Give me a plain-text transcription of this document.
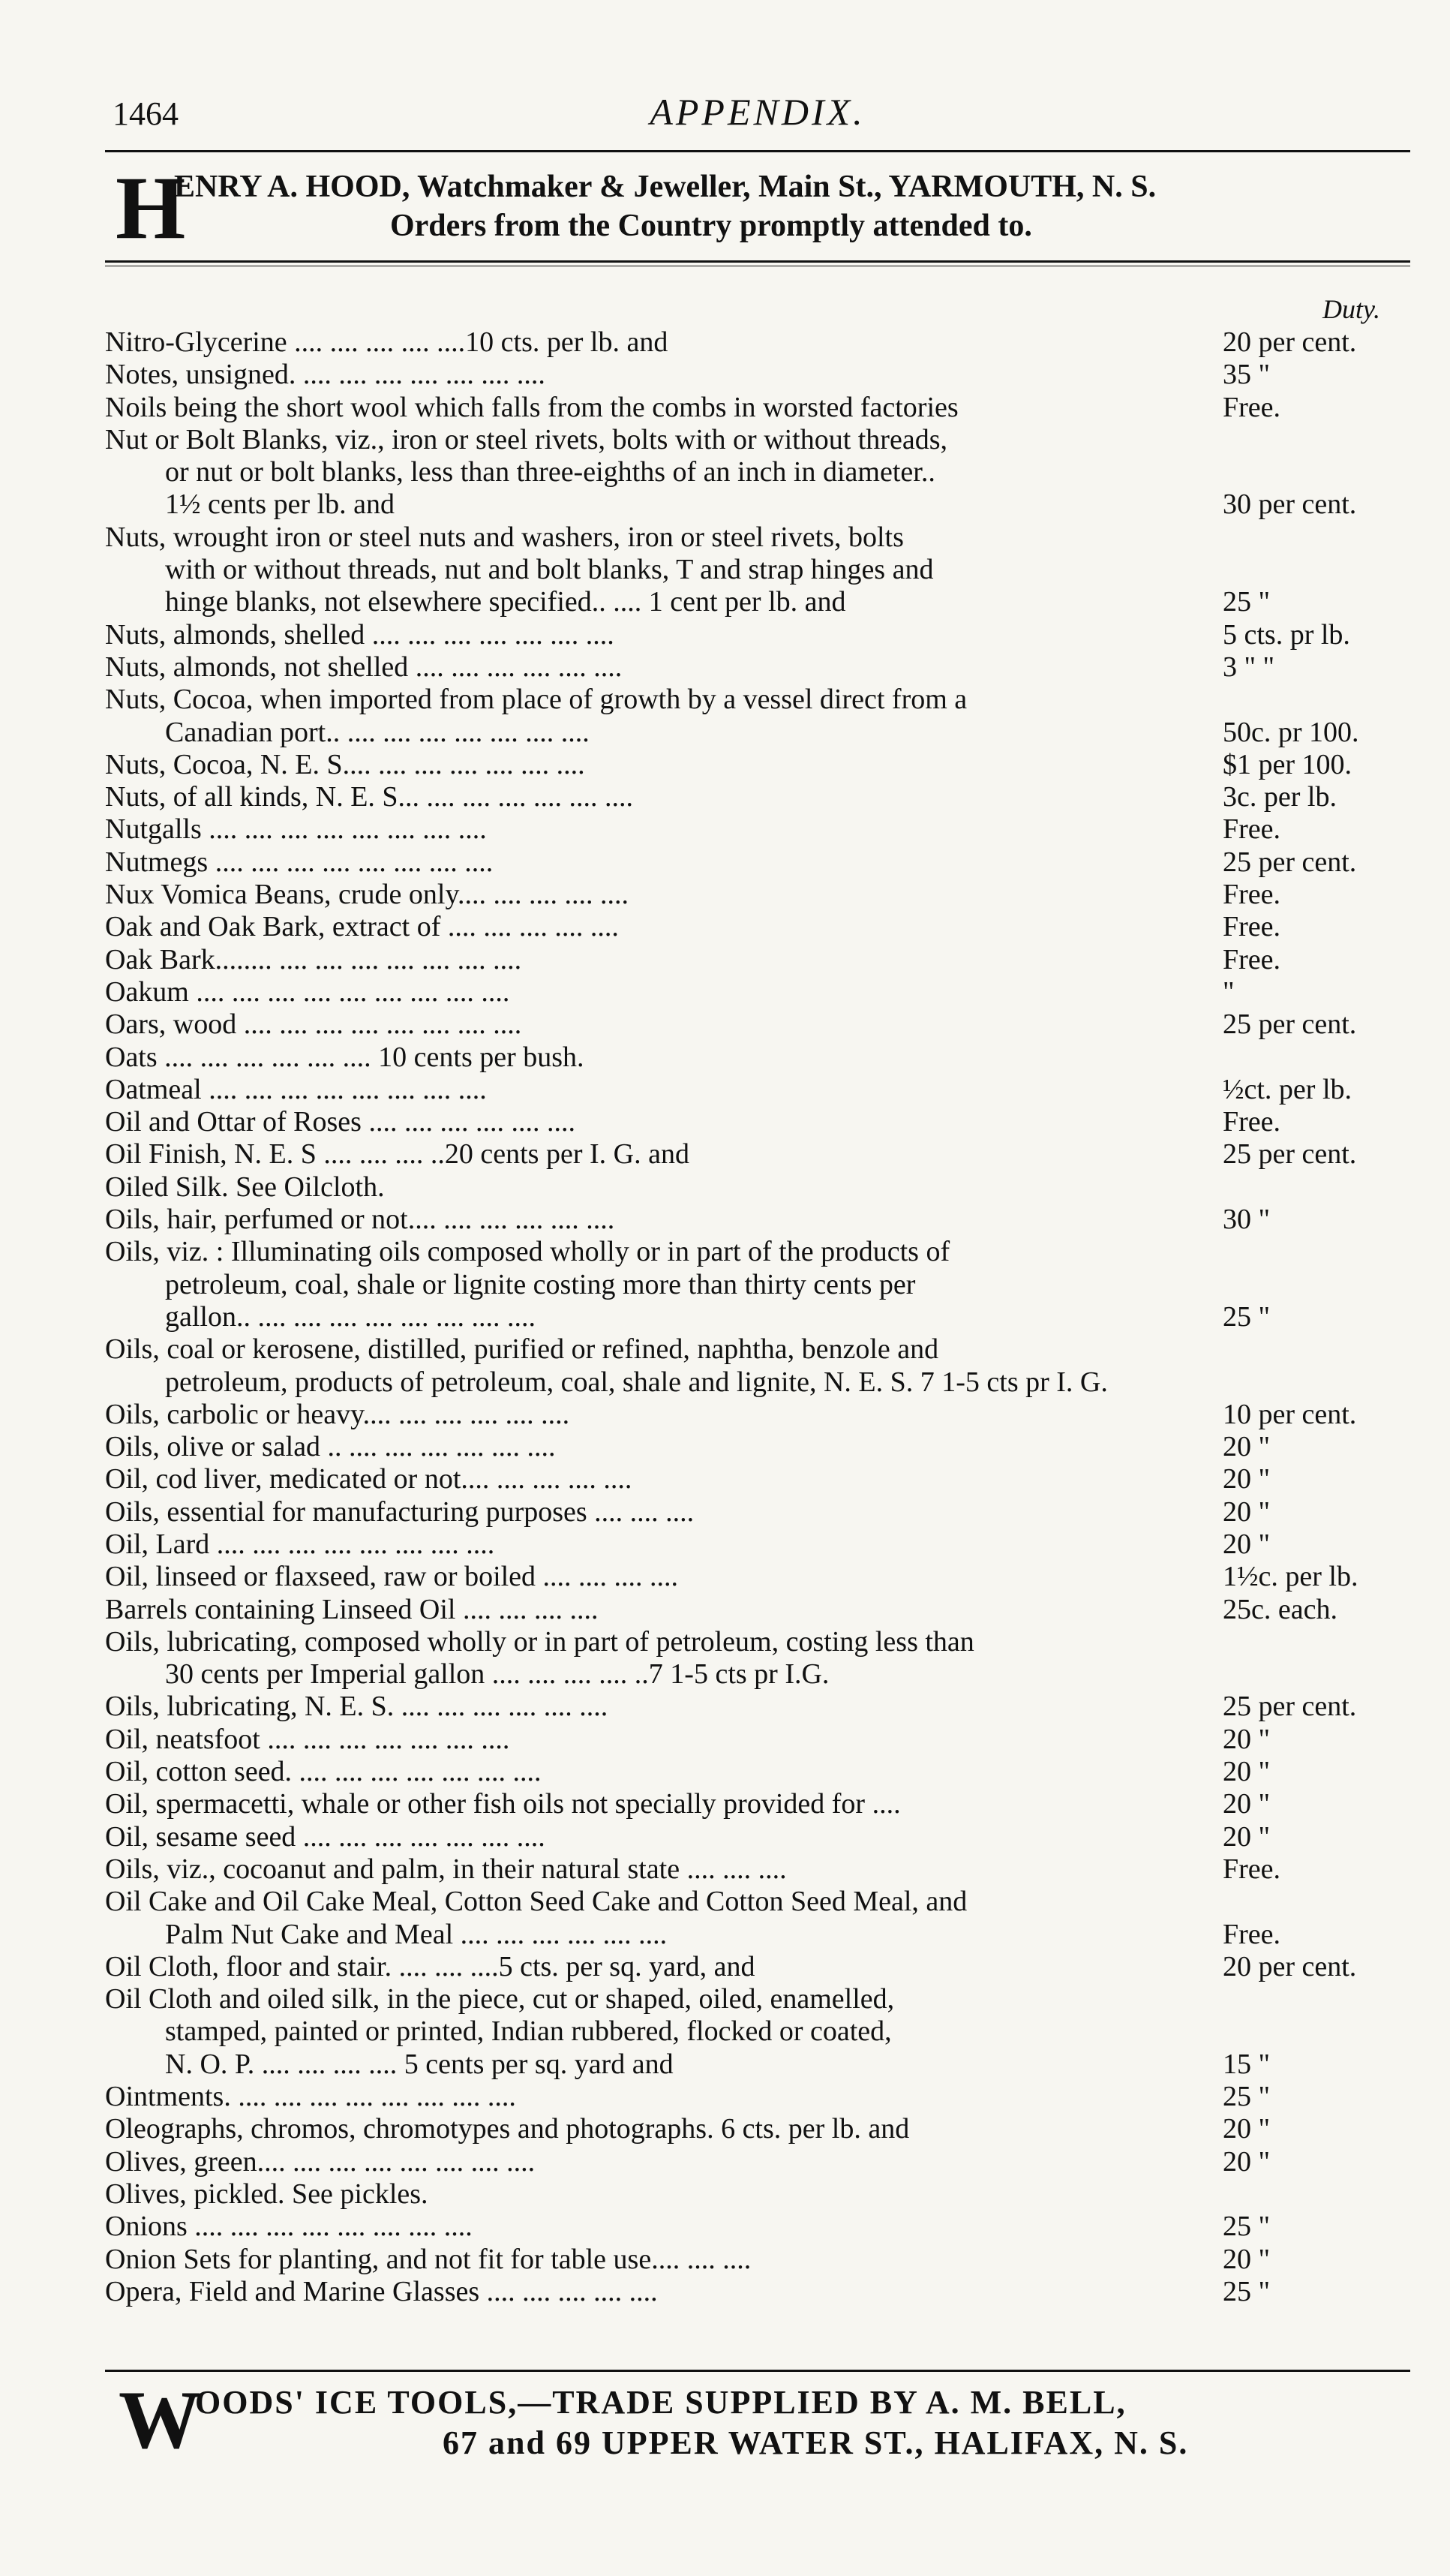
1464	APPENDIX.
H
ENRY A. HOOD, Watchmaker & Jeweller, Main St., YARMOUTH, N. S.
Orders from the Country promptly attended to.
Duty.
Nitro-Glycerine .... .... .... .... ....10 cts. per lb. and	20 per cent.
Notes, unsigned. .... .... .... .... .... .... ....	35 "
Noils being the short wool which falls from the combs in worsted factories	Free.
Nut or Bolt Blanks, viz., iron or steel rivets, bolts with or without threads,
or nut or bolt blanks, less than three-eighths of an inch in diameter..
1½ cents per lb. and	30 per cent.
Nuts, wrought iron or steel nuts and washers, iron or steel rivets, bolts
with or without threads, nut and bolt blanks, T and strap hinges and
hinge blanks, not elsewhere specified.. .... 1 cent per lb. and	25 "
Nuts, almonds, shelled .... .... .... .... .... .... ....	5 cts. pr lb.
Nuts, almonds, not shelled .... .... .... .... .... ....	3 " "
Nuts, Cocoa, when imported from place of growth by a vessel direct from a
Canadian port.. .... .... .... .... .... .... ....	50c. pr 100.
Nuts, Cocoa, N. E. S.... .... .... .... .... .... ....	$1 per 100.
Nuts, of all kinds, N. E. S... .... .... .... .... .... ....	3c. per lb.
Nutgalls .... .... .... .... .... .... .... ....	Free.
Nutmegs .... .... .... .... .... .... .... ....	25 per cent.
Nux Vomica Beans, crude only.... .... .... .... ....	Free.
Oak and Oak Bark, extract of .... .... .... .... ....	Free.
Oak Bark........ .... .... .... .... .... .... ....	Free.
Oakum .... .... .... .... .... .... .... .... ....	"
Oars, wood .... .... .... .... .... .... .... ....	25 per cent.
Oats .... .... .... .... .... .... 10 cents per bush.
Oatmeal .... .... .... .... .... .... .... ....	½ct. per lb.
Oil and Ottar of Roses .... .... .... .... .... ....	Free.
Oil Finish, N. E. S .... .... .... ..20 cents per I. G. and	25 per cent.
Oiled Silk. See Oilcloth.
Oils, hair, perfumed or not.... .... .... .... .... ....	30 "
Oils, viz. : Illuminating oils composed wholly or in part of the products of
petroleum, coal, shale or lignite costing more than thirty cents per
gallon.. .... .... .... .... .... .... .... ....	25 "
Oils, coal or kerosene, distilled, purified or refined, naphtha, benzole and
petroleum, products of petroleum, coal, shale and lignite, N. E. S. 7 1-5 cts pr I. G.
Oils, carbolic or heavy.... .... .... .... .... ....	10 per cent.
Oils, olive or salad .. .... .... .... .... .... ....	20 "
Oil, cod liver, medicated or not.... .... .... .... ....	20 "
Oils, essential for manufacturing purposes .... .... ....	20 "
Oil, Lard .... .... .... .... .... .... .... ....	20 "
Oil, linseed or flaxseed, raw or boiled .... .... .... ....	1½c. per lb.
Barrels containing Linseed Oil .... .... .... ....	25c. each.
Oils, lubricating, composed wholly or in part of petroleum, costing less than
30 cents per Imperial gallon .... .... .... .... ..7 1-5 cts pr I.G.
Oils, lubricating, N. E. S. .... .... .... .... .... ....	25 per cent.
Oil, neatsfoot .... .... .... .... .... .... ....	20 "
Oil, cotton seed. .... .... .... .... .... .... ....	20 "
Oil, spermacetti, whale or other fish oils not specially provided for ....	20 "
Oil, sesame seed .... .... .... .... .... .... ....	20 "
Oils, viz., cocoanut and palm, in their natural state .... .... ....	Free.
Oil Cake and Oil Cake Meal, Cotton Seed Cake and Cotton Seed Meal, and
Palm Nut Cake and Meal .... .... .... .... .... ....	Free.
Oil Cloth, floor and stair. .... .... ....5 cts. per sq. yard, and	20 per cent.
Oil Cloth and oiled silk, in the piece, cut or shaped, oiled, enamelled,
stamped, painted or printed, Indian rubbered, flocked or coated,
N. O. P. .... .... .... .... 5 cents per sq. yard and	15 "
Ointments. .... .... .... .... .... .... .... ....	25 "
Oleographs, chromos, chromotypes and photographs. 6 cts. per lb. and	20 "
Olives, green.... .... .... .... .... .... .... ....	20 "
Olives, pickled. See pickles.
Onions .... .... .... .... .... .... .... ....	25 "
Onion Sets for planting, and not fit for table use.... .... ....	20 "
Opera, Field and Marine Glasses .... .... .... .... ....	25 "
W
OODS' ICE TOOLS,—TRADE SUPPLIED BY A. M. BELL,
67 and 69 UPPER WATER ST., HALIFAX, N. S.
